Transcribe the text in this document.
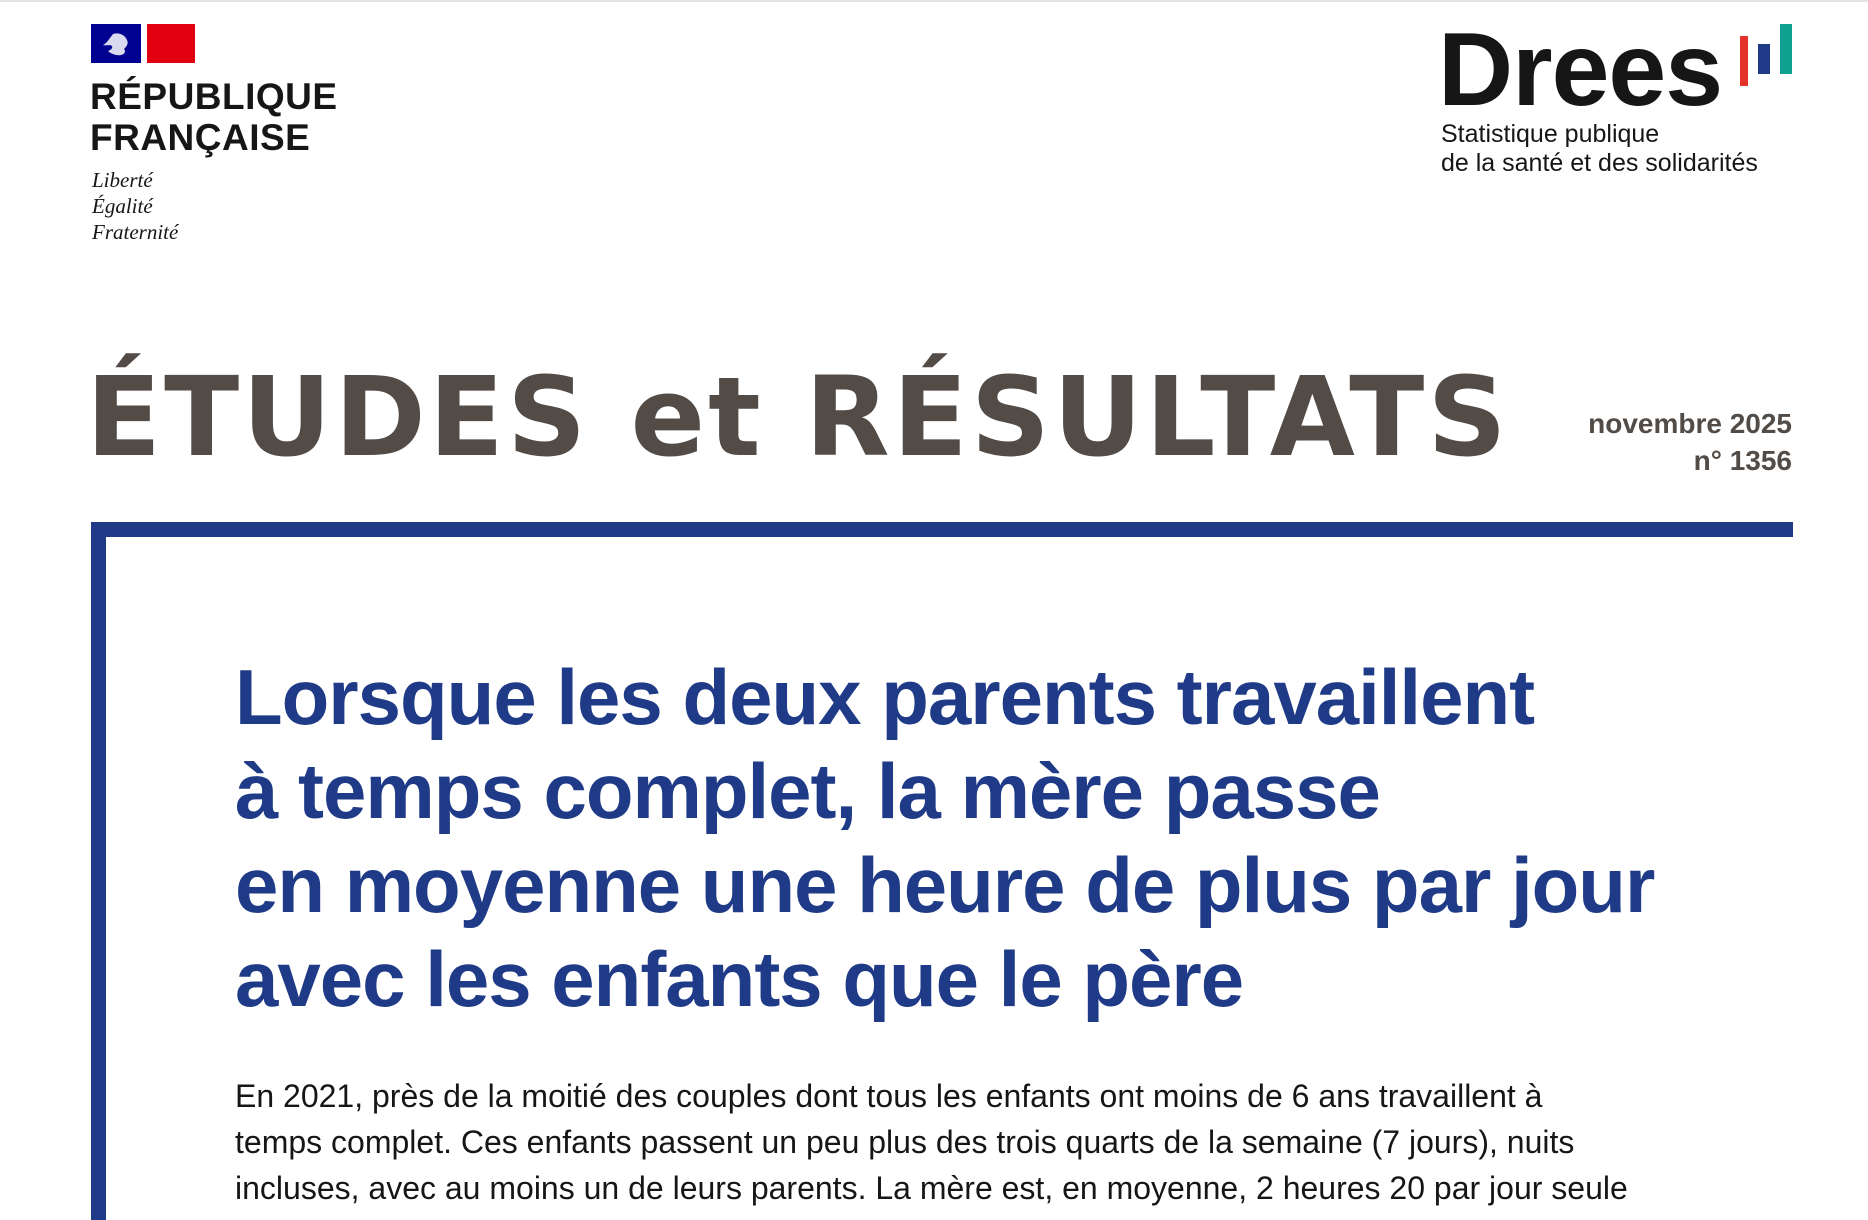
RÉPUBLIQUE
FRANÇAISE
Liberté
Égalité
Fraternité
Drees
Statistique publique
de la santé et des solidarités
ÉTUDES et RÉSULTATS	novembre 2025
n° 1356
Lorsque les deux parents travaillent
à temps complet, la mère passe
en moyenne une heure de plus par jour
avec les enfants que le père
En 2021, près de la moitié des couples dont tous les enfants ont moins de 6 ans travaillent à
temps complet. Ces enfants passent un peu plus des trois quarts de la semaine (7 jours), nuits
incluses, avec au moins un de leurs parents. La mère est, en moyenne, 2 heures 20 par jour seule
